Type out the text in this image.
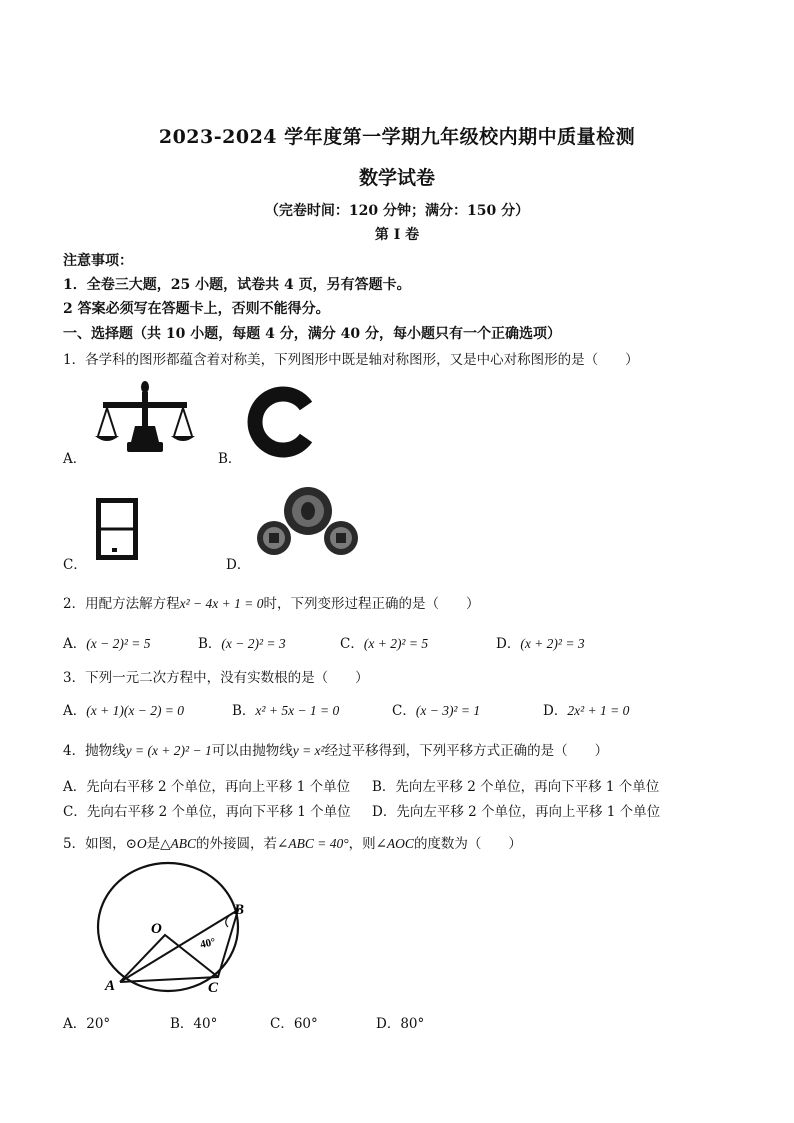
2023-2024 学年度第一学期九年级校内期中质量检测
数学试卷
（完卷时间：120 分钟；满分：150 分）
第 I 卷
注意事项：
1．全卷三大题，25 小题，试卷共 4 页，另有答题卡。
2 答案必须写在答题卡上，否则不能得分。
一、选择题（共 10 小题，每题 4 分，满分 40 分，每小题只有一个正确选项）
1．各学科的图形都蕴含着对称美，下列图形中既是轴对称图形，又是中心对称图形的是（　　）
A．	B．
C．	D．
2．用配方法解方程x² − 4x + 1 = 0时，下列变形过程正确的是（　　）
A．(x − 2)² = 5	B．(x − 2)² = 3	C．(x + 2)² = 5	D．(x + 2)² = 3
3．下列一元二次方程中，没有实数根的是（　　）
A．(x + 1)(x − 2) = 0	B．x² + 5x − 1 = 0	C．(x − 3)² = 1	D．2x² + 1 = 0
4．抛物线y = (x + 2)² − 1可以由抛物线y = x²经过平移得到，下列平移方式正确的是（　　）
A．先向右平移 2 个单位，再向上平移 1 个单位 B．先向左平移 2 个单位，再向下平移 1 个单位
C．先向右平移 2 个单位，再向下平移 1 个单位 D．先向左平移 2 个单位，再向上平移 1 个单位
5．如图，⊙O是△ABC的外接圆，若∠ABC = 40°，则∠AOC的度数为（　　）
O
A
B
C
40°
A．20°	B．40°	C．60°	D．80°
